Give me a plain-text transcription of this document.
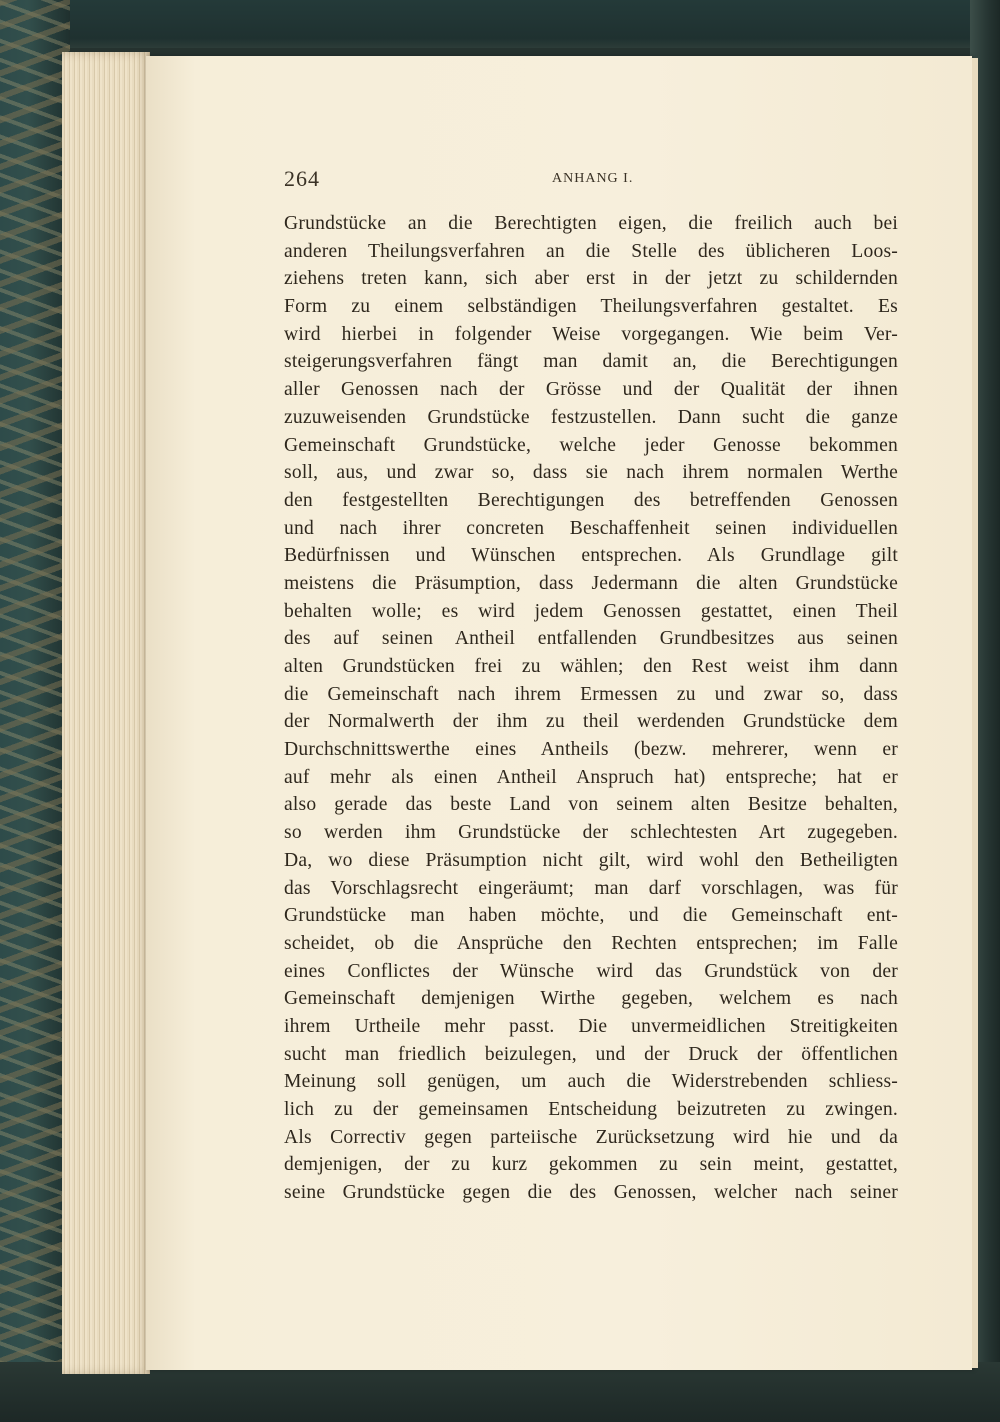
264	ANHANG I.
Grundstücke an die Berechtigten eigen, die freilich auch bei
anderen Theilungsverfahren an die Stelle des üblicheren Loos-
ziehens treten kann, sich aber erst in der jetzt zu schildernden
Form zu einem selbständigen Theilungsverfahren gestaltet. Es
wird hierbei in folgender Weise vorgegangen. Wie beim Ver-
steigerungsverfahren fängt man damit an, die Berechtigungen
aller Genossen nach der Grösse und der Qualität der ihnen
zuzuweisenden Grundstücke festzustellen. Dann sucht die ganze
Gemeinschaft Grundstücke, welche jeder Genosse bekommen
soll, aus, und zwar so, dass sie nach ihrem normalen Werthe
den festgestellten Berechtigungen des betreffenden Genossen
und nach ihrer concreten Beschaffenheit seinen individuellen
Bedürfnissen und Wünschen entsprechen. Als Grundlage gilt
meistens die Präsumption, dass Jedermann die alten Grundstücke
behalten wolle; es wird jedem Genossen gestattet, einen Theil
des auf seinen Antheil entfallenden Grundbesitzes aus seinen
alten Grundstücken frei zu wählen; den Rest weist ihm dann
die Gemeinschaft nach ihrem Ermessen zu und zwar so, dass
der Normalwerth der ihm zu theil werdenden Grundstücke dem
Durchschnittswerthe eines Antheils (bezw. mehrerer, wenn er
auf mehr als einen Antheil Anspruch hat) entspreche; hat er
also gerade das beste Land von seinem alten Besitze behalten,
so werden ihm Grundstücke der schlechtesten Art zugegeben.
Da, wo diese Präsumption nicht gilt, wird wohl den Betheiligten
das Vorschlagsrecht eingeräumt; man darf vorschlagen, was für
Grundstücke man haben möchte, und die Gemeinschaft ent-
scheidet, ob die Ansprüche den Rechten entsprechen; im Falle
eines Conflictes der Wünsche wird das Grundstück von der
Gemeinschaft demjenigen Wirthe gegeben, welchem es nach
ihrem Urtheile mehr passt. Die unvermeidlichen Streitigkeiten
sucht man friedlich beizulegen, und der Druck der öffentlichen
Meinung soll genügen, um auch die Widerstrebenden schliess-
lich zu der gemeinsamen Entscheidung beizutreten zu zwingen.
Als Correctiv gegen parteiische Zurücksetzung wird hie und da
demjenigen, der zu kurz gekommen zu sein meint, gestattet,
seine Grundstücke gegen die des Genossen, welcher nach seiner
